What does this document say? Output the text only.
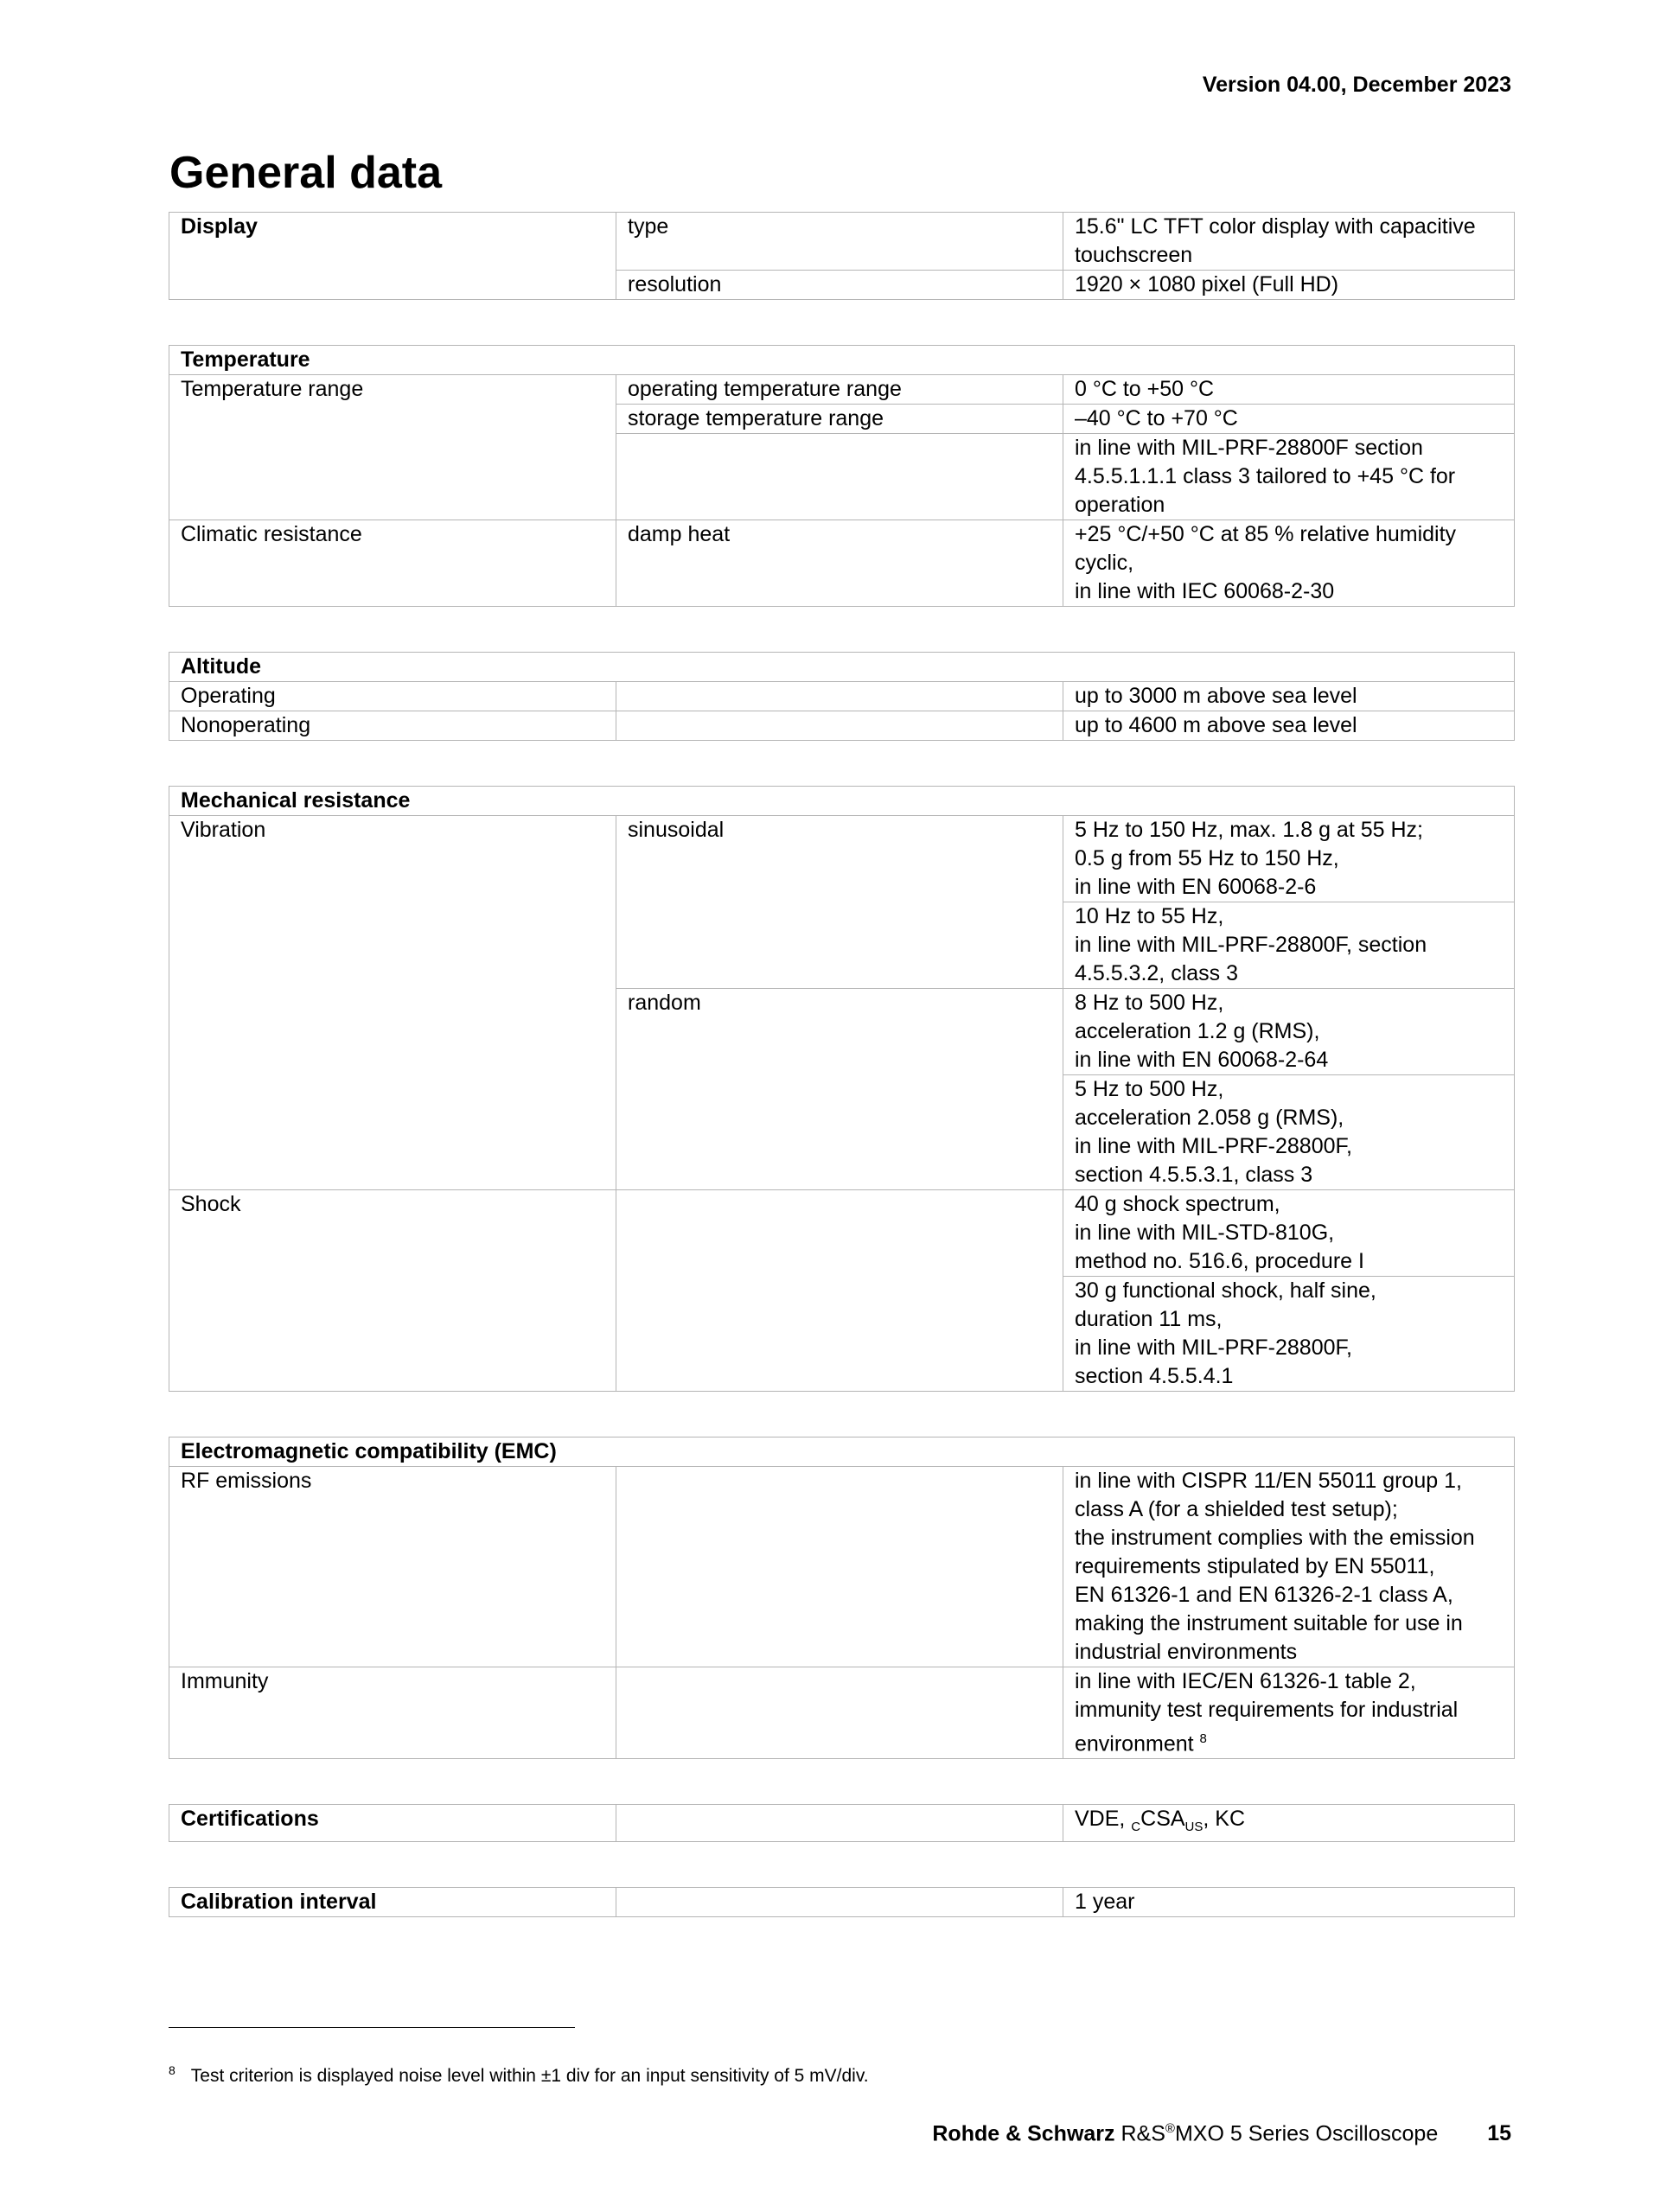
Version 04.00, December 2023
General data
Display	type	15.6" LC TFT color display with capacitive touchscreen
	resolution	1920 × 1080 pixel (Full HD)
Temperature		
Temperature range	operating temperature range	0 °C to +50 °C
	storage temperature range	–40 °C to +70 °C
		in line with MIL-PRF-28800F section 4.5.5.1.1.1 class 3 tailored to +45 °C for operation
Climatic resistance	damp heat	+25 °C/+50 °C at 85 % relative humidity cyclic,
in line with IEC 60068-2-30
Altitude		
Operating		up to 3000 m above sea level
Nonoperating		up to 4600 m above sea level
Mechanical resistance		
Vibration	sinusoidal	5 Hz to 150 Hz, max. 1.8 g at 55 Hz;
0.5 g from 55 Hz to 150 Hz,
in line with EN 60068-2-6

		10 Hz to 55 Hz,
in line with MIL-PRF-28800F, section 4.5.5.3.2, class 3

	random	8 Hz to 500 Hz,
acceleration 1.2 g (RMS),
in line with EN 60068-2-64

		5 Hz to 500 Hz,
acceleration 2.058 g (RMS),
in line with MIL-PRF-28800F,
section 4.5.5.3.1, class 3

Shock		40 g shock spectrum,
in line with MIL-STD-810G,
method no. 516.6, procedure I

		30 g functional shock, half sine,
duration 11 ms,
in line with MIL-PRF-28800F,
section 4.5.5.4.1
Electromagnetic compatibility (EMC)		
RF emissions		in line with CISPR 11/EN 55011 group 1, class A (for a shielded test setup);
the instrument complies with the emission requirements stipulated by EN 55011,
EN 61326-1 and EN 61326-2-1 class A, making the instrument suitable for use in industrial environments

Immunity		in line with IEC/EN 61326-1 table 2, immunity test requirements for industrial environment $^8$
Certifications		VDE, $_CCSA_{US}$, KC
Calibration interval		1 year
$^8$ Test criterion is displayed noise level within ±1 div for an input sensitivity of 5 mV/div.
Rohde & Schwarz R&S®MXO 5 Series Oscilloscope 15
